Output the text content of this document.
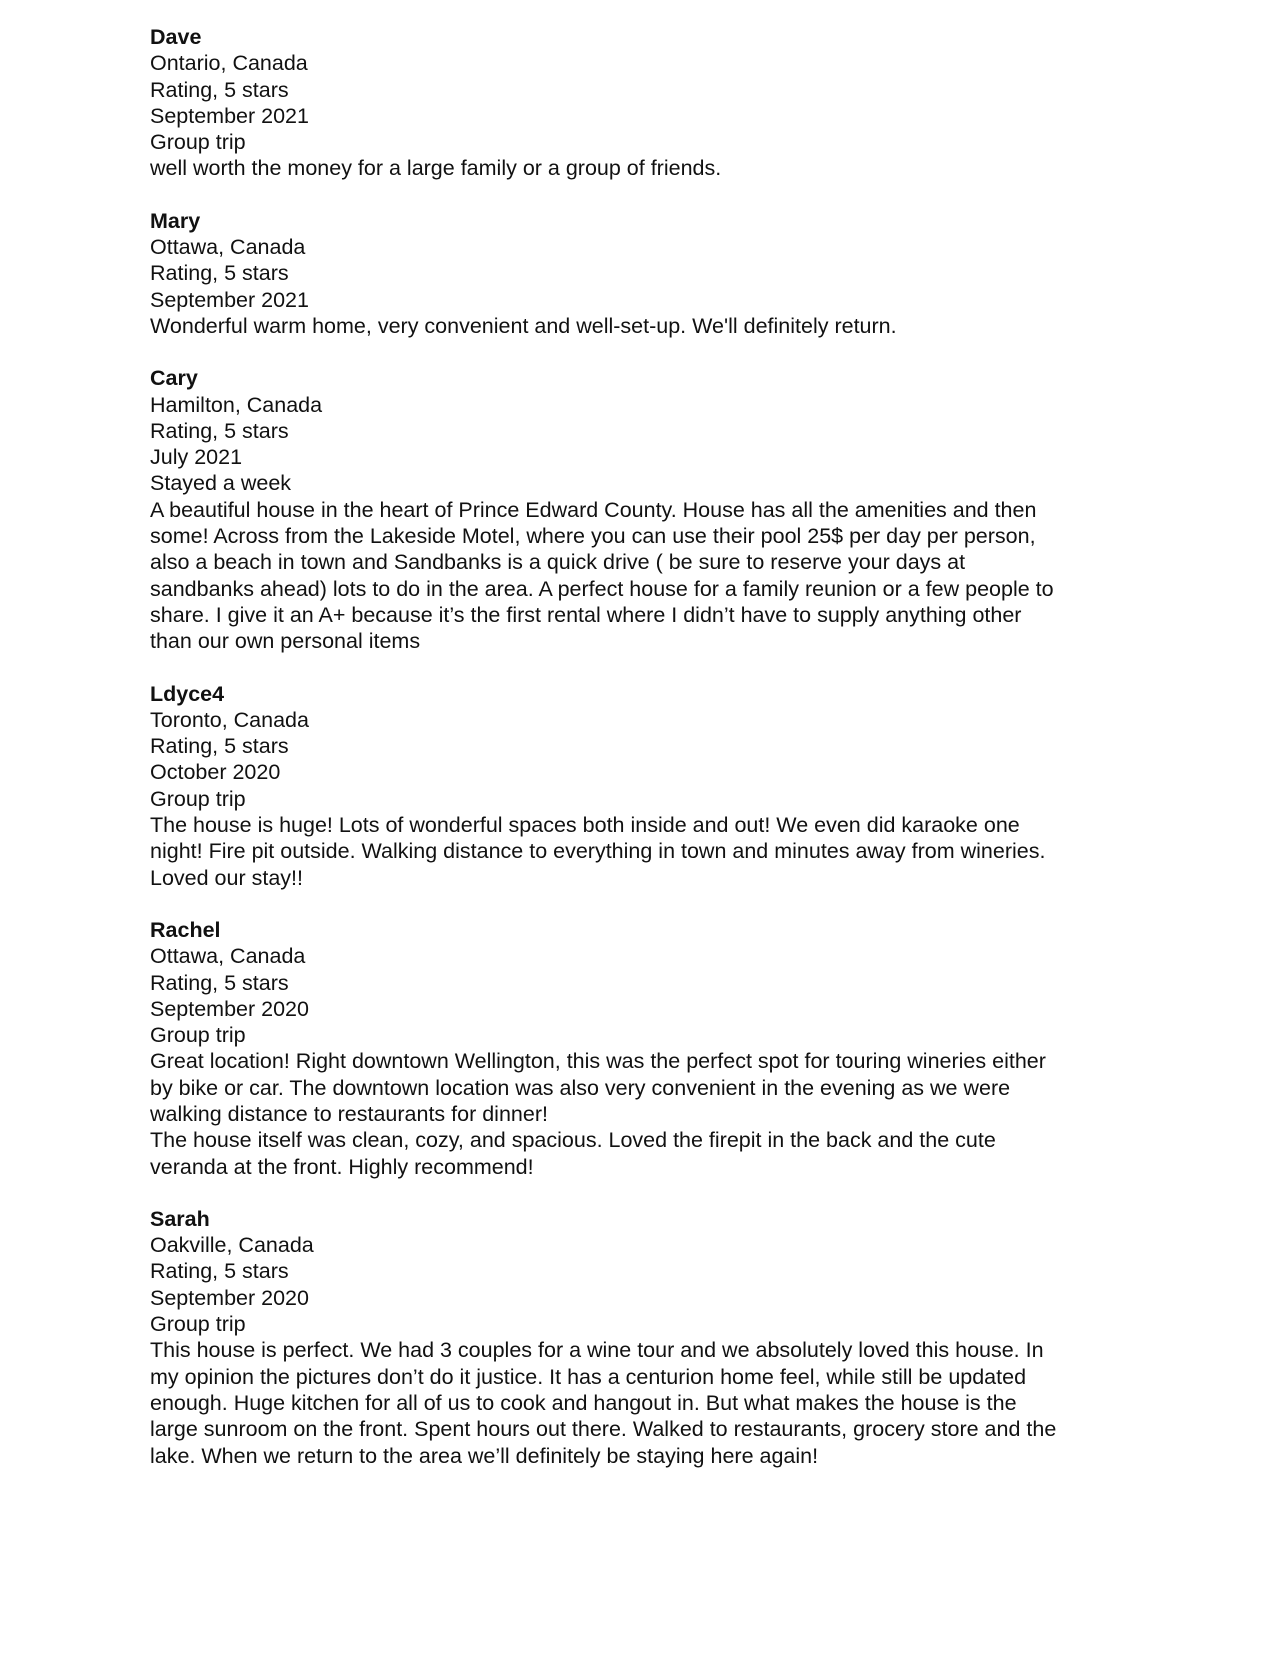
Dave
Ontario, Canada
Rating, 5 stars
September 2021
Group trip
well worth the money for a large family or a group of friends.
Mary
Ottawa, Canada
Rating, 5 stars
September 2021
Wonderful warm home, very convenient and well-set-up. We'll definitely return.
Cary
Hamilton, Canada
Rating, 5 stars
July 2021
Stayed a week
A beautiful house in the heart of Prince Edward County. House has all the amenities and then
some! Across from the Lakeside Motel, where you can use their pool 25$ per day per person,
also a beach in town and Sandbanks is a quick drive ( be sure to reserve your days at
sandbanks ahead) lots to do in the area. A perfect house for a family reunion or a few people to
share. I give it an A+ because it’s the first rental where I didn’t have to supply anything other
than our own personal items
Ldyce4
Toronto, Canada
Rating, 5 stars
October 2020
Group trip
The house is huge! Lots of wonderful spaces both inside and out! We even did karaoke one
night! Fire pit outside. Walking distance to everything in town and minutes away from wineries.
Loved our stay!!
Rachel
Ottawa, Canada
Rating, 5 stars
September 2020
Group trip
Great location! Right downtown Wellington, this was the perfect spot for touring wineries either
by bike or car. The downtown location was also very convenient in the evening as we were
walking distance to restaurants for dinner!
The house itself was clean, cozy, and spacious. Loved the firepit in the back and the cute
veranda at the front. Highly recommend!
Sarah
Oakville, Canada
Rating, 5 stars
September 2020
Group trip
This house is perfect. We had 3 couples for a wine tour and we absolutely loved this house. In
my opinion the pictures don’t do it justice. It has a centurion home feel, while still be updated
enough. Huge kitchen for all of us to cook and hangout in. But what makes the house is the
large sunroom on the front. Spent hours out there. Walked to restaurants, grocery store and the
lake. When we return to the area we’ll definitely be staying here again!
